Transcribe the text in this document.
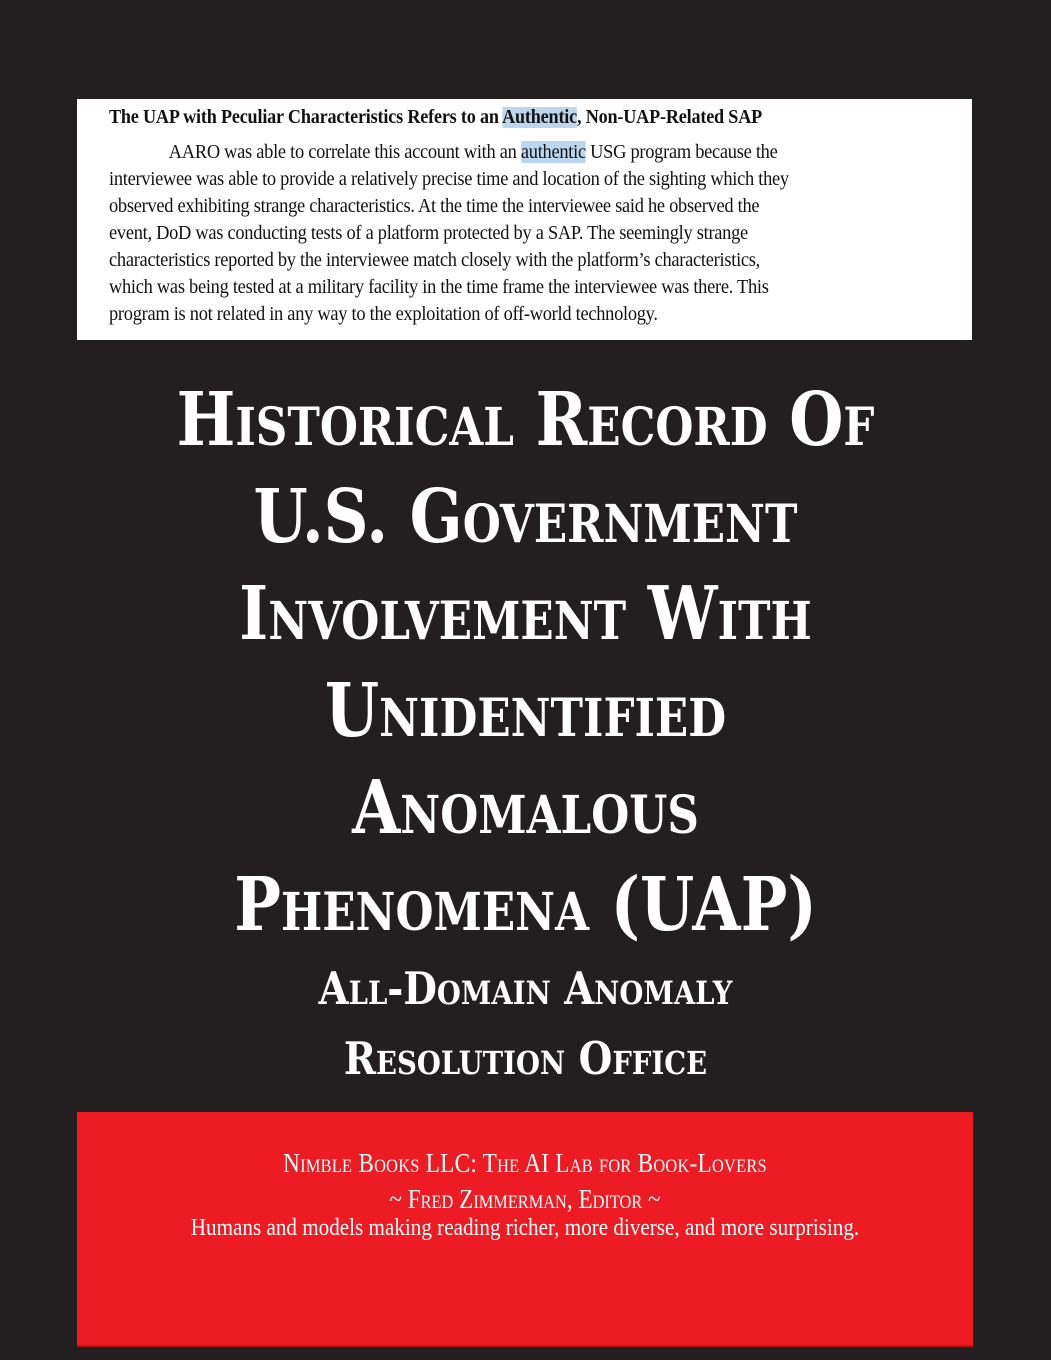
The UAP with Peculiar Characteristics Refers to an Authentic, Non-UAP-Related SAP

AARO was able to correlate this account with an authentic USG program because the
interviewee was able to provide a relatively precise time and location of the sighting which they
observed exhibiting strange characteristics. At the time the interviewee said he observed the
event, DoD was conducting tests of a platform protected by a SAP. The seemingly strange
characteristics reported by the interviewee match closely with the platform’s characteristics,
which was being tested at a military facility in the time frame the interviewee was there. This
program is not related in any way to the exploitation of off-world technology.

Historical Record Of
U.S. Government
Involvement With
Unidentified
Anomalous
Phenomena (UAP)
All-Domain Anomaly
Resolution Office
Nimble Books LLC: The AI Lab for Book-Lovers
~ Fred Zimmerman, Editor ~
Humans and models making reading richer, more diverse, and more surprising.
